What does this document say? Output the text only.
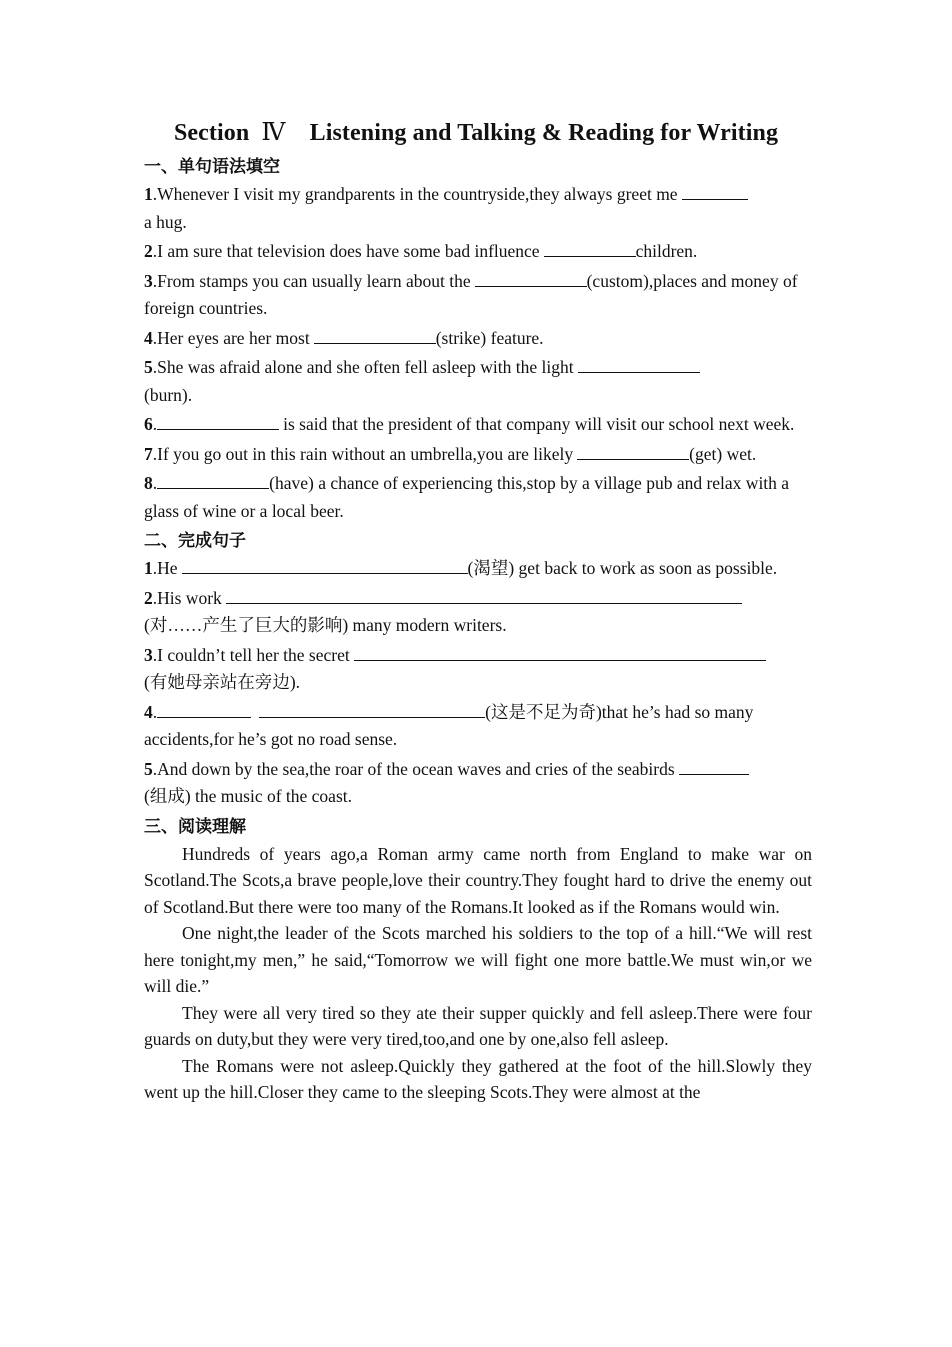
Section Ⅳ Listening and Talking & Reading for Writing

一、单句语法填空

1.Whenever I visit my grandparents in the countryside,they always greet me
a hug.

2.I am sure that television does have some bad influence	children.

3.From stamps you can usually learn about the	(custom),places and money of foreign countries.

4.Her eyes are her most	(strike) feature.

5.She was afraid alone and she often fell asleep with the light
(burn).

6.	is said that the president of that company will visit our school next week.

7.If you go out in this rain without an umbrella,you are likely	(get) wet.

8.	(have) a chance of experiencing this,stop by a village pub and relax with a glass of wine or a local beer.

二、完成句子

1.He	(渴望) get back to work as soon as possible.

2.His work
(对……产生了巨大的影响) many modern writers.

3.I couldn’t tell her the secret
(有她母亲站在旁边).

4.	(这是不足为奇)that he’s had so many accidents,for he’s got no road sense.

5.And down by the sea,the roar of the ocean waves and cries of the seabirds
(组成) the music of the coast.

三、阅读理解

Hundreds of years ago,a Roman army came north from England to make war on Scotland.The Scots,a brave people,love their country.They fought hard to drive the enemy out of Scotland.But there were too many of the Romans.It looked as if the Romans would win.

One night,the leader of the Scots marched his soldiers to the top of a hill.“We will rest here tonight,my men,” he said,“Tomorrow we will fight one more battle.We must win,or we will die.”

They were all very tired so they ate their supper quickly and fell asleep.There were four guards on duty,but they were very tired,too,and one by one,also fell asleep.

The Romans were not asleep.Quickly they gathered at the foot of the hill.Slowly they went up the hill.Closer they came to the sleeping Scots.They were almost at the
